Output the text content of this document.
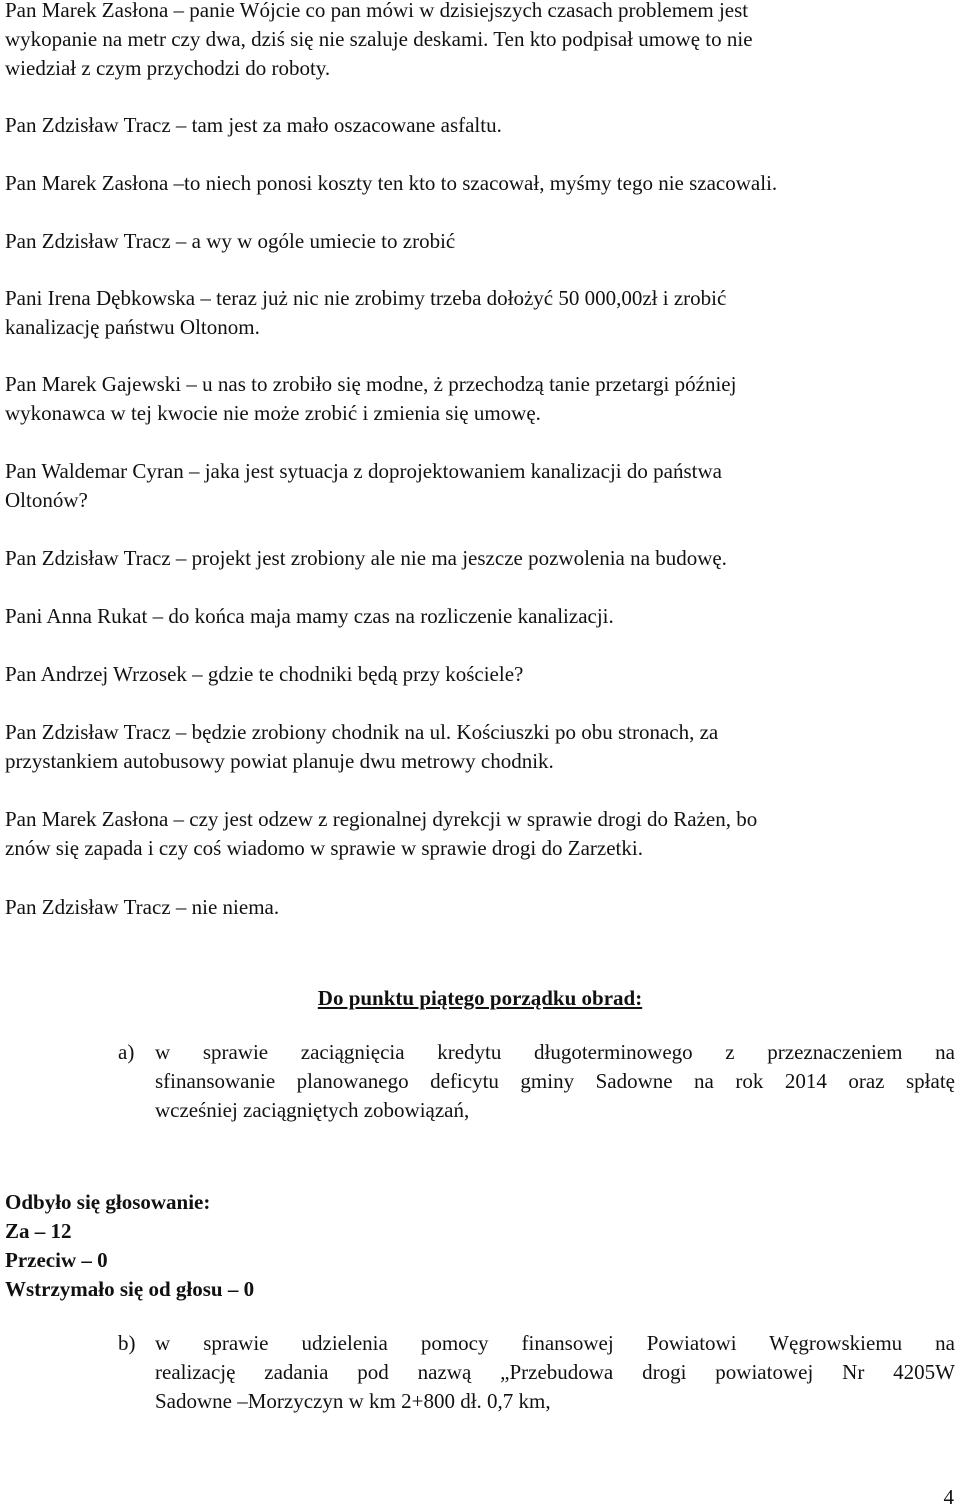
Pan Marek Zasłona – panie Wójcie co pan mówi w dzisiejszych czasach problemem jest
wykopanie na metr czy dwa, dziś się nie szaluje deskami. Ten kto podpisał umowę to nie
wiedział z czym przychodzi do roboty.
Pan Zdzisław Tracz – tam jest za mało oszacowane asfaltu.
Pan Marek Zasłona –to niech ponosi koszty ten kto to szacował, myśmy tego nie szacowali.
Pan Zdzisław Tracz – a wy w ogóle umiecie to zrobić
Pani Irena Dębkowska – teraz już nic nie zrobimy trzeba dołożyć 50 000,00zł i zrobić
kanalizację państwu Oltonom.
Pan Marek Gajewski – u nas to zrobiło się modne, ż przechodzą tanie przetargi później
wykonawca w tej kwocie nie może zrobić i zmienia się umowę.
Pan Waldemar Cyran – jaka jest sytuacja z doprojektowaniem kanalizacji do państwa
Oltonów?
Pan Zdzisław Tracz – projekt jest zrobiony ale nie ma jeszcze pozwolenia na budowę.
Pani Anna Rukat – do końca maja mamy czas na rozliczenie kanalizacji.
Pan Andrzej Wrzosek – gdzie te chodniki będą przy kościele?
Pan Zdzisław Tracz – będzie zrobiony chodnik na ul. Kościuszki po obu stronach, za
przystankiem autobusowy powiat planuje dwu metrowy chodnik.
Pan Marek Zasłona – czy jest odzew z regionalnej dyrekcji w sprawie drogi do Rażen, bo
znów się zapada i czy coś wiadomo w sprawie w sprawie drogi do Zarzetki.
Pan Zdzisław Tracz – nie niema.
Do punktu piątego porządku obrad:
a) w sprawie zaciągnięcia kredytu długoterminowego z przeznaczeniem na
sfinansowanie planowanego deficytu gminy Sadowne na rok 2014 oraz spłatę
wcześniej zaciągniętych zobowiązań,
Odbyło się głosowanie:
Za – 12
Przeciw – 0
Wstrzymało się od głosu – 0
b) w sprawie udzielenia pomocy finansowej Powiatowi Węgrowskiemu na
realizację zadania pod nazwą „Przebudowa drogi powiatowej Nr 4205W
Sadowne –Morzyczyn w km 2+800 dł. 0,7 km,
4
